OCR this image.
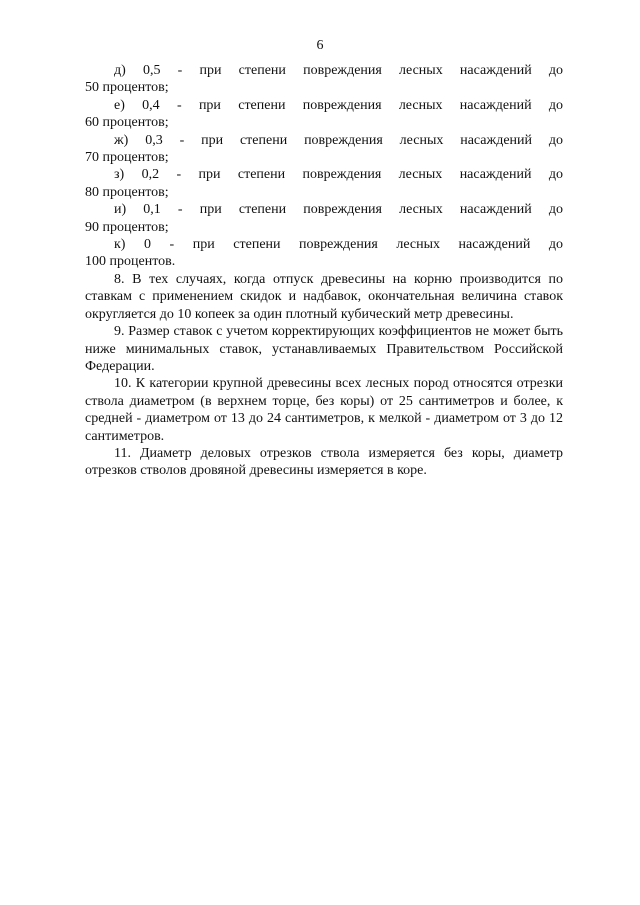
6

д) 0,5 - при степени повреждения лесных насаждений до
50 процентов;

е) 0,4 - при степени повреждения лесных насаждений до
60 процентов;

ж) 0,3 - при степени повреждения лесных насаждений до
70 процентов;

з) 0,2 - при степени повреждения лесных насаждений до
80 процентов;

и) 0,1 - при степени повреждения лесных насаждений до
90 процентов;

к) 0 - при степени повреждения лесных насаждений до
100 процентов.

8. В тех случаях, когда отпуск древесины на корню производится по ставкам с применением скидок и надбавок, окончательная величина ставок округляется до 10 копеек за один плотный кубический метр древесины.

9. Размер ставок с учетом корректирующих коэффициентов не может быть ниже минимальных ставок, устанавливаемых Правительством Российской Федерации.

10. К категории крупной древесины всех лесных пород относятся отрезки ствола диаметром (в верхнем торце, без коры) от 25 сантиметров и более, к средней - диаметром от 13 до 24 сантиметров, к мелкой - диаметром от 3 до 12 сантиметров.

11. Диаметр деловых отрезков ствола измеряется без коры, диаметр отрезков стволов дровяной древесины измеряется в коре.
